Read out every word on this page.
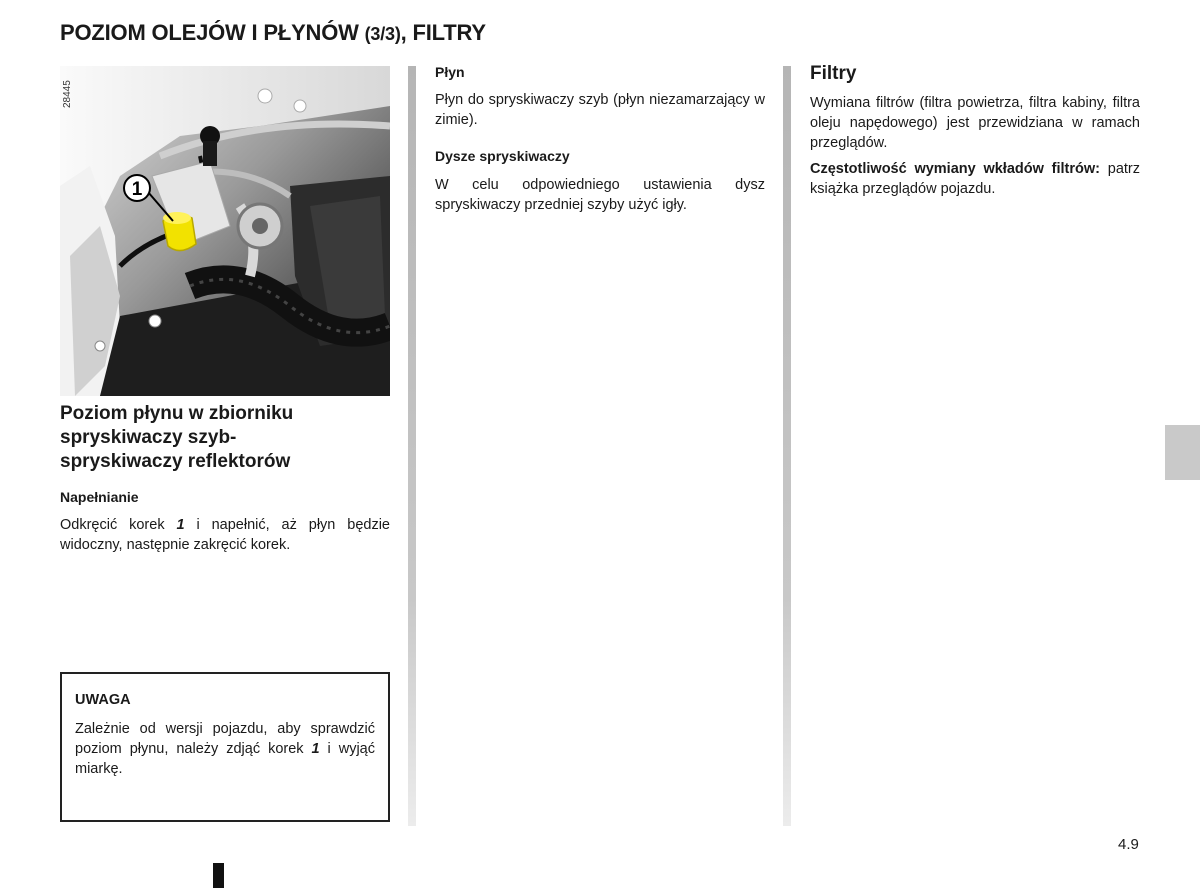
POZIOM OLEJÓW I PŁYNÓW (3/3), FILTRY
1
28445
Poziom płynu w zbiorniku
spryskiwaczy szyb-
spryskiwaczy reflektorów
Napełnianie
Odkręcić korek 1 i napełnić, aż płyn będzie widoczny, następnie zakręcić korek.
UWAGA
Zależnie od wersji pojazdu, aby sprawdzić poziom płynu, należy zdjąć korek 1 i wyjąć miarkę.
Płyn
Płyn do spryskiwaczy szyb (płyn niezamarzający w zimie).
Dysze spryskiwaczy
W celu odpowiedniego ustawienia dysz spryskiwaczy przedniej szyby użyć igły.
Filtry
Wymiana filtrów (filtra powietrza, filtra kabiny, filtra oleju napędowego) jest przewidziana w ramach przeglądów.
Częstotliwość wymiany wkładów filtrów: patrz książka przeglądów pojazdu.
4.9
